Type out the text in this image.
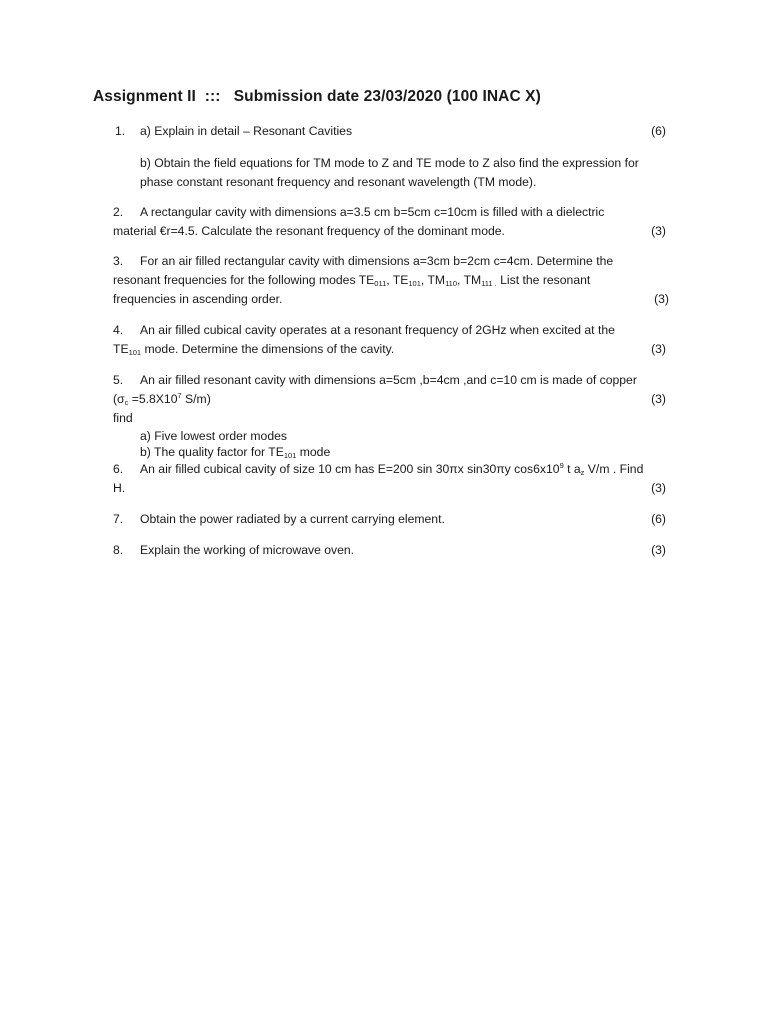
Assignment II  :::   Submission date 23/03/2020 (100 INAC X)
1. a) Explain in detail – Resonant Cavities	(6)
b) Obtain the field equations for TM mode to Z and TE mode to Z also find the expression for
phase constant resonant frequency and resonant wavelength (TM mode).
2. A rectangular cavity with dimensions a=3.5 cm b=5cm c=10cm is filled with a dielectric
material €r=4.5. Calculate the resonant frequency of the dominant mode.	(3)
3. For an air filled rectangular cavity with dimensions a=3cm b=2cm c=4cm. Determine the
resonant frequencies for the following modes $TE_{011}$, $TE_{101}$, $TM_{110}$, $TM_{111 .}$ List the resonant
frequencies in ascending order.	(3)
4. An air filled cubical cavity operates at a resonant frequency of 2GHz when excited at the
$TE_{101}$ mode. Determine the dimensions of the cavity.	(3)
5. An air filled resonant cavity with dimensions a=5cm ,b=4cm ,and c=10 cm is made of copper
($\sigma_c =5.8X10^7$ S/m)	(3)
find
a) Five lowest order modes
b) The quality factor for $TE_{101}$ mode
6. An air filled cubical cavity of size 10 cm has E=200 sin 30πx sin30πy $\cos 6x10^9$ t $a_z$ V/m . Find
H.	(3)
7. Obtain the power radiated by a current carrying element.	(6)
8. Explain the working of microwave oven.	(3)
